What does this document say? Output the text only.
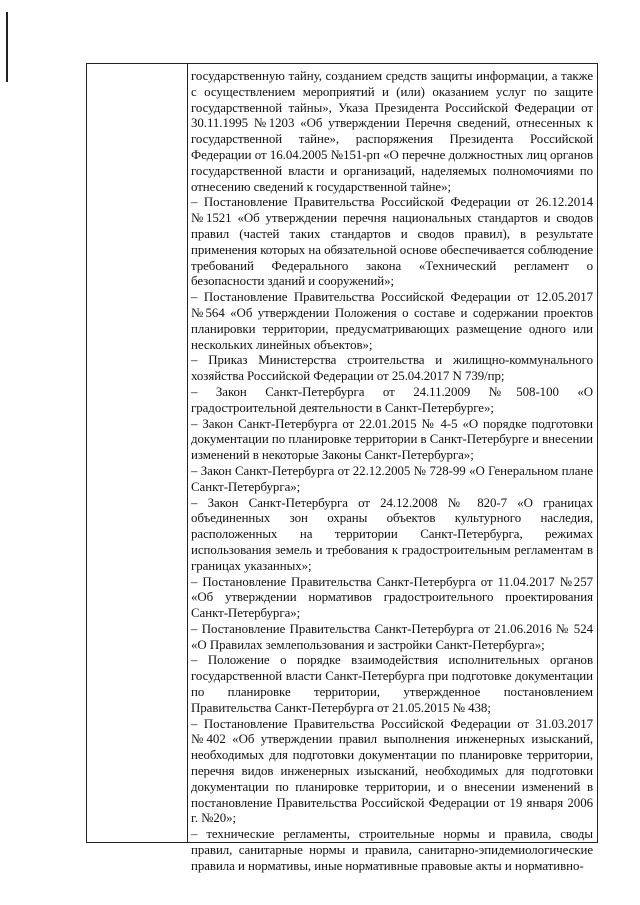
государственную тайну, созданием средств защиты информации, а также с осуществлением мероприятий и (или) оказанием услуг по защите государственной тайны», Указа Президента Российской Федерации от 30.11.1995 №1203 «Об утверждении Перечня сведений, отнесенных к государственной тайне», распоряжения Президента Российской Федерации от 16.04.2005 №151-рп «О перечне должностных лиц органов государственной власти и организаций, наделяемых полномочиями по отнесению сведений к государственной тайне»;

– Постановление Правительства Российской Федерации от 26.12.2014 №1521 «Об утверждении перечня национальных стандартов и сводов правил (частей таких стандартов и сводов правил), в результате применения которых на обязательной основе обеспечивается соблюдение требований Федерального закона «Технический регламент о безопасности зданий и сооружений»;

– Постановление Правительства Российской Федерации от 12.05.2017 №564 «Об утверждении Положения о составе и содержании проектов планировки территории, предусматривающих размещение одного или нескольких линейных объектов»;

– Приказ Министерства строительства и жилищно-коммунального хозяйства Российской Федерации от 25.04.2017 N 739/пр;

– Закон Санкт-Петербурга от 24.11.2009 №508-100 «О градостроительной деятельности в Санкт-Петербурге»;

– Закон Санкт-Петербурга от 22.01.2015 № 4-5 «О порядке подготовки документации по планировке территории в Санкт-Петербурге и внесении изменений в некоторые Законы Санкт-Петербурга»;

– Закон Санкт-Петербурга от 22.12.2005 № 728-99 «О Генеральном плане Санкт-Петербурга»;

– Закон Санкт-Петербурга от 24.12.2008 № 820-7 «О границах объединенных зон охраны объектов культурного наследия, расположенных на территории Санкт-Петербурга, режимах использования земель и требования к градостроительным регламентам в границах указанных»;

– Постановление Правительства Санкт-Петербурга от 11.04.2017 №257 «Об утверждении нормативов градостроительного проектирования Санкт-Петербурга»;

– Постановление Правительства Санкт-Петербурга от 21.06.2016 № 524 «О Правилах землепользования и застройки Санкт-Петербурга»;

– Положение о порядке взаимодействия исполнительных органов государственной власти Санкт-Петербурга при подготовке документации по планировке территории, утвержденное постановлением Правительства Санкт-Петербурга от 21.05.2015 № 438;

– Постановление Правительства Российской Федерации от 31.03.2017 №402 «Об утверждении правил выполнения инженерных изысканий, необходимых для подготовки документации по планировке территории, перечня видов инженерных изысканий, необходимых для подготовки документации по планировке территории, и о внесении изменений в постановление Правительства Российской Федерации от 19 января 2006 г. №20»;

– технические регламенты, строительные нормы и правила, своды правил, санитарные нормы и правила, санитарно-эпидемиологические правила и нормативы, иные нормативные правовые акты и нормативно-
